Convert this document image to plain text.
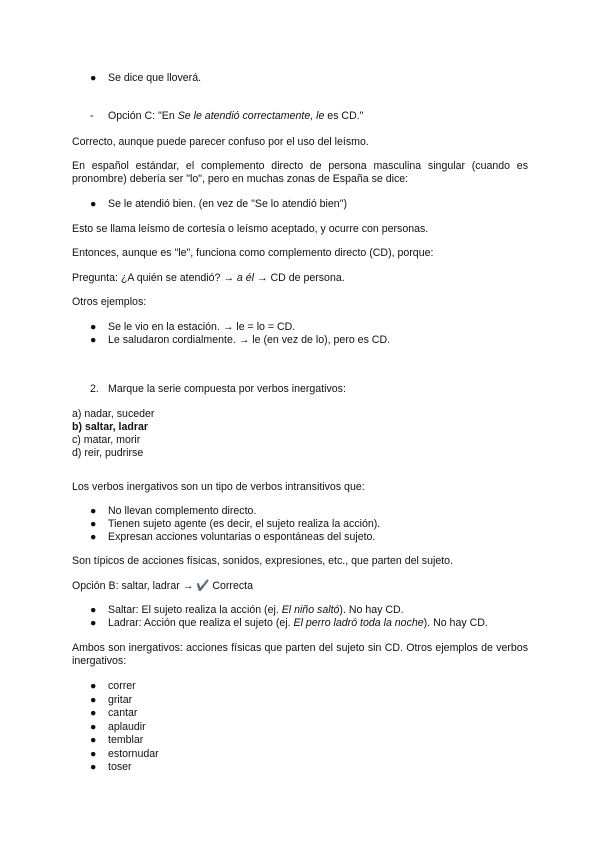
● Se dice que lloverá.
- Opción C: "En Se le atendió correctamente, le es CD."
Correcto, aunque puede parecer confuso por el uso del leísmo.
En español estándar, el complemento directo de persona masculina singular (cuando es pronombre) debería ser "lo", pero en muchas zonas de España se dice:
● Se le atendió bien. (en vez de "Se lo atendió bien")
Esto se llama leísmo de cortesía o leísmo aceptado, y ocurre con personas.
Entonces, aunque es "le", funciona como complemento directo (CD), porque:
Pregunta: ¿A quién se atendió? → a él → CD de persona.
Otros ejemplos:
● Se le vio en la estación. → le = lo = CD.
● Le saludaron cordialmente. → le (en vez de lo), pero es CD.
2. Marque la serie compuesta por verbos inergativos:
a) nadar, suceder
b) saltar, ladrar
c) matar, morir
d) reir, pudrirse
Los verbos inergativos son un tipo de verbos intransitivos que:
● No llevan complemento directo.
● Tienen sujeto agente (es decir, el sujeto realiza la acción).
● Expresan acciones voluntarias o espontáneas del sujeto.
Son típicos de acciones físicas, sonidos, expresiones, etc., que parten del sujeto.
Opción B: saltar, ladrar → ✔️ Correcta
● Saltar: El sujeto realiza la acción (ej. El niño saltó). No hay CD.
● Ladrar: Acción que realiza el sujeto (ej. El perro ladró toda la noche). No hay CD.
Ambos son inergativos: acciones físicas que parten del sujeto sin CD. Otros ejemplos de verbos inergativos:
● correr
● gritar
● cantar
● aplaudir
● temblar
● estornudar
● toser
